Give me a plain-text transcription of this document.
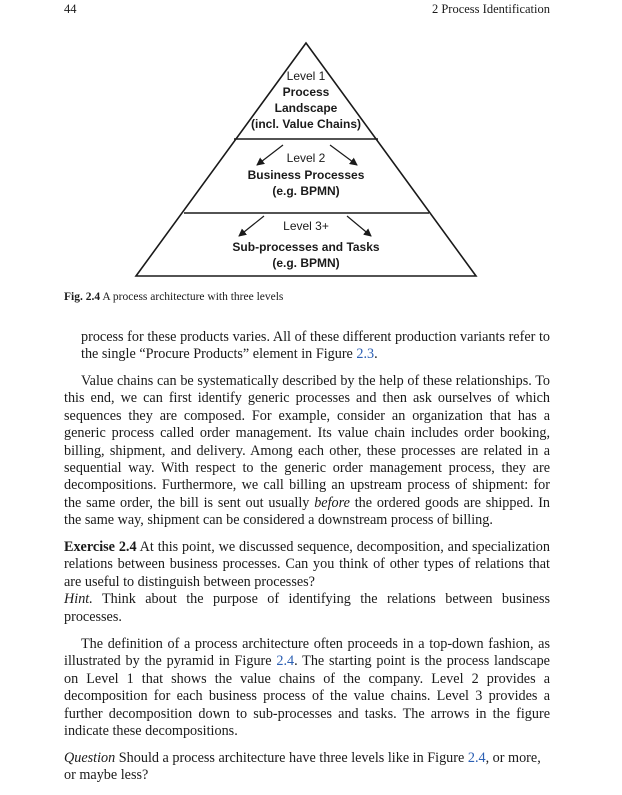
44	2 Process Identification
Level 1
Process
Landscape
(incl. Value Chains)
Level 2
Business Processes
(e.g. BPMN)
Level 3+
Sub-processes and Tasks
(e.g. BPMN)
Fig. 2.4 A process architecture with three levels

process for these products varies. All of these different production variants refer to the single “Procure Products” element in Figure 2.3.

Value chains can be systematically described by the help of these relationships. To this end, we can first identify generic processes and then ask ourselves of which sequences they are composed. For example, consider an organization that has a generic process called order management. Its value chain includes order booking, billing, shipment, and delivery. Among each other, these processes are related in a sequential way. With respect to the generic order management process, they are decompositions. Furthermore, we call billing an upstream process of shipment: for the same order, the bill is sent out usually before the ordered goods are shipped. In the same way, shipment can be considered a downstream process of billing.

Exercise 2.4 At this point, we discussed sequence, decomposition, and specialization relations between business processes. Can you think of other types of relations that are useful to distinguish between processes?
Hint. Think about the purpose of identifying the relations between business processes.

The definition of a process architecture often proceeds in a top-down fashion, as illustrated by the pyramid in Figure 2.4. The starting point is the process landscape on Level 1 that shows the value chains of the company. Level 2 provides a decomposition for each business process of the value chains. Level 3 provides a further decomposition down to sub-processes and tasks. The arrows in the figure indicate these decompositions.

Question Should a process architecture have three levels like in Figure 2.4, or more, or maybe less?
